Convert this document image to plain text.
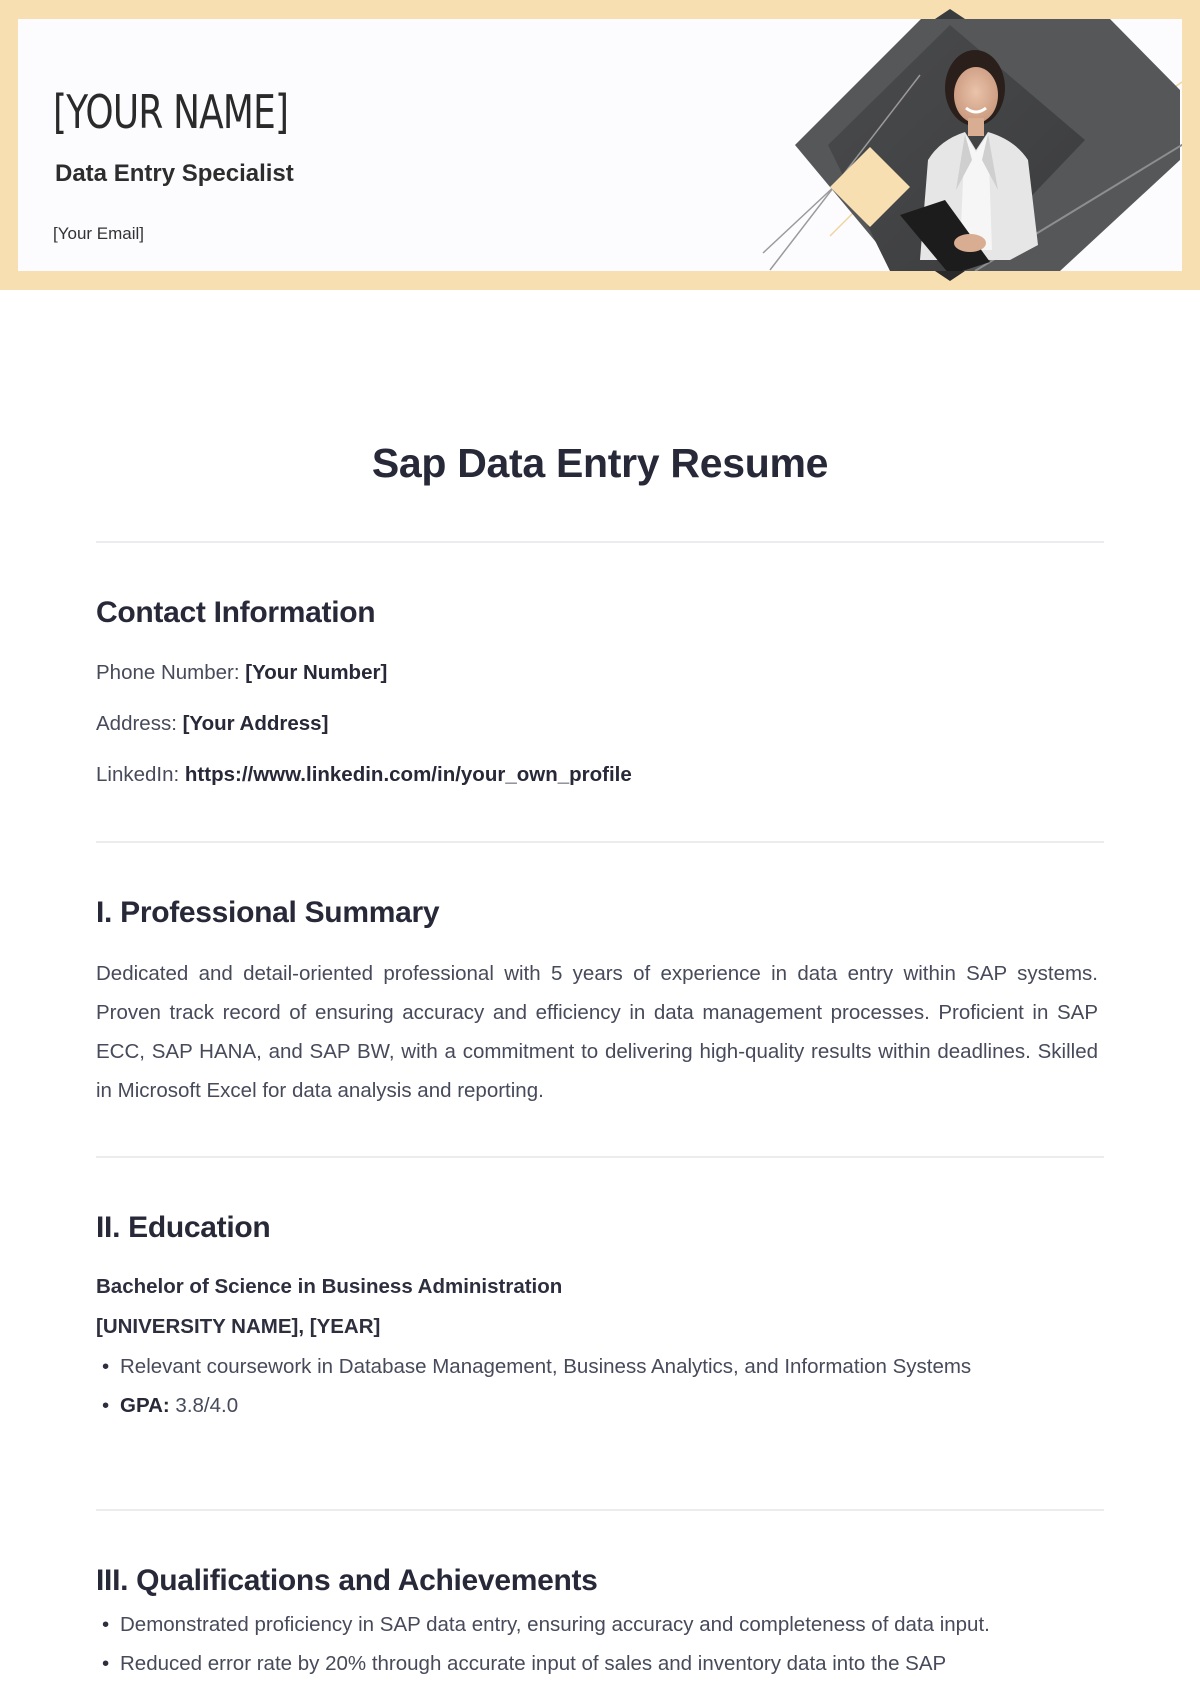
[YOUR NAME]
Data Entry Specialist
[Your Email]
Sap Data Entry Resume
Contact Information
Phone Number: [Your Number]
Address: [Your Address]
LinkedIn: https://www.linkedin.com/in/your_own_profile
I. Professional Summary
Dedicated and detail-oriented professional with 5 years of experience in data entry within SAP systems. Proven track record of ensuring accuracy and efficiency in data management processes. Proficient in SAP ECC, SAP HANA, and SAP BW, with a commitment to delivering high-quality results within deadlines. Skilled in Microsoft Excel for data analysis and reporting.
II. Education
Bachelor of Science in Business Administration
[UNIVERSITY NAME], [YEAR]
• Relevant coursework in Database Management, Business Analytics, and Information Systems
• GPA: 3.8/4.0
III. Qualifications and Achievements
• Demonstrated proficiency in SAP data entry, ensuring accuracy and completeness of data input.
• Reduced error rate by 20% through accurate input of sales and inventory data into the SAP
